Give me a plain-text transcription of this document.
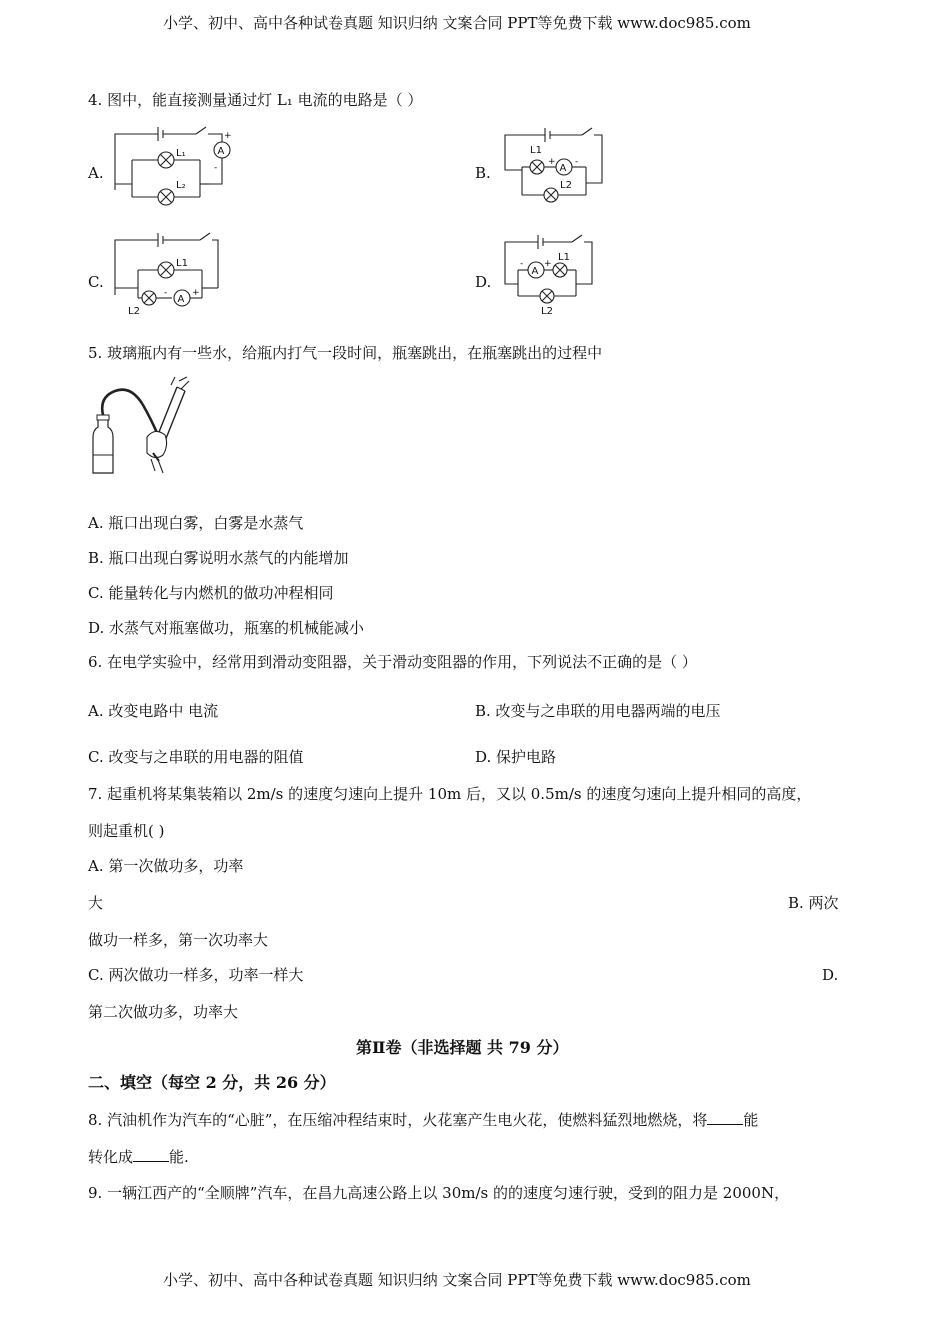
小学、初中、高中各种试卷真题 知识归纳 文案合同 PPT等免费下载 www.doc985.com
小学、初中、高中各种试卷真题 知识归纳 文案合同 PPT等免费下载 www.doc985.com
4. 图中，能直接测量通过灯 L₁ 电流的电路是（ ）
A.
A
+
-
L₁
L₂
B.	A
+ -
L1
L2
C.
A
-	+
L1
L2
D.
A
- +
L1
L2
5. 玻璃瓶内有一些水，给瓶内打气一段时间，瓶塞跳出，在瓶塞跳出的过程中
A. 瓶口出现白雾，白雾是水蒸气
B. 瓶口出现白雾说明水蒸气的内能增加
C. 能量转化与内燃机的做功冲程相同
D. 水蒸气对瓶塞做功，瓶塞的机械能减小
6. 在电学实验中，经常用到滑动变阻器，关于滑动变阻器的作用，下列说法不正确的是（ ）
A. 改变电路中 电流	B. 改变与之串联的用电器两端的电压
C. 改变与之串联的用电器的阻值	D. 保护电路
7. 起重机将某集装箱以 2m/s 的速度匀速向上提升 10m 后，又以 0.5m/s 的速度匀速向上提升相同的高度，
则起重机( )
A. 第一次做功多，功率
大	B. 两次
做功一样多，第一次功率大
C. 两次做功一样多，功率一样大	D.
第二次做功多，功率大
第Ⅱ卷（非选择题 共 79 分）
二、填空（每空 2 分，共 26 分）
8. 汽油机作为汽车的“心脏”，在压缩冲程结束时，火花塞产生电火花，使燃料猛烈地燃烧，将 能
转化成 能.
9. 一辆江西产的“全顺牌”汽车，在昌九高速公路上以 30m/s 的的速度匀速行驶，受到的阻力是 2000N，
